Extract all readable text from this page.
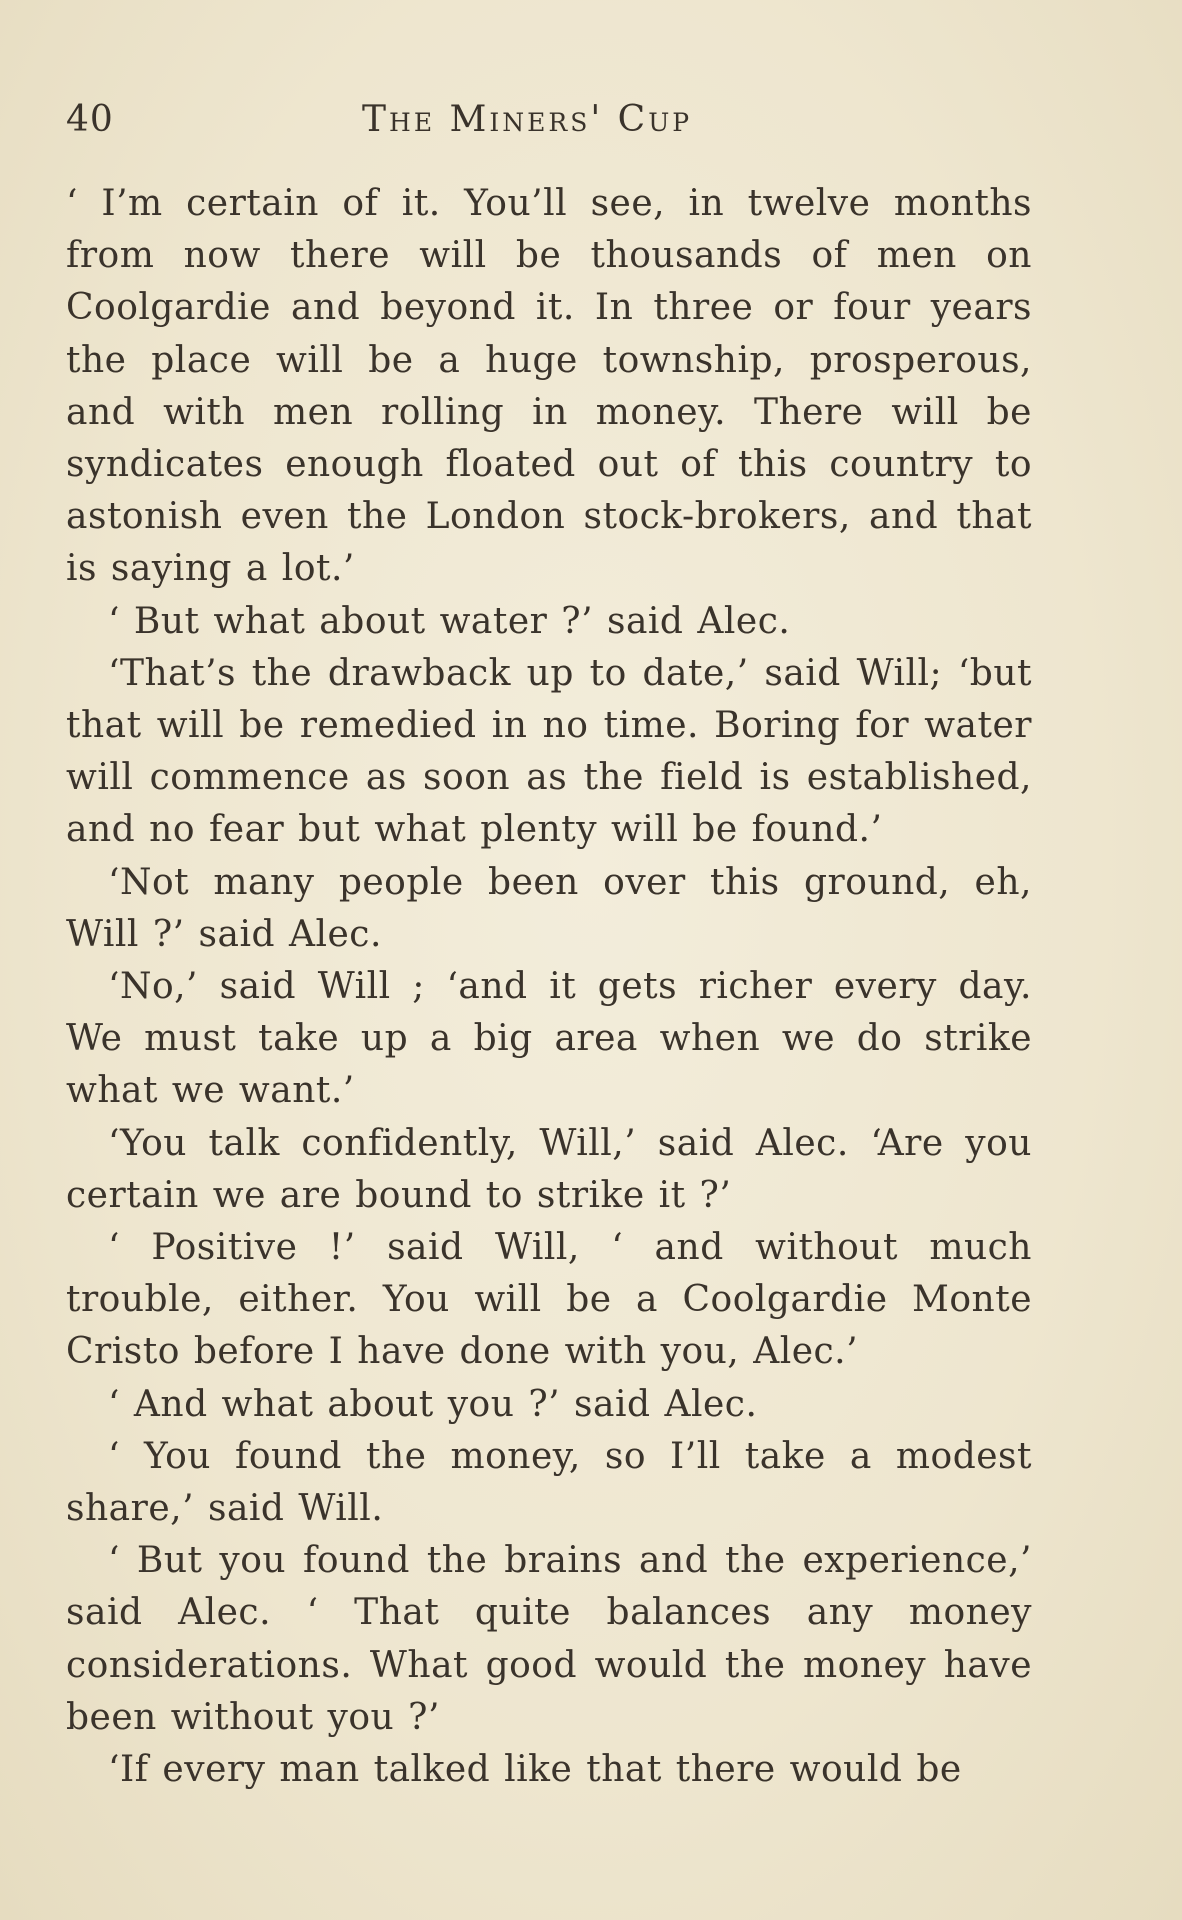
40	The Miners' Cup

‘ I’m certain of it. You’ll see, in twelve months from now there will be thousands of men on Coolgardie and beyond it. In three or four years the place will be a huge township, prosperous, and with men rolling in money. There will be syndicates enough floated out of this country to astonish even the London stock-brokers, and that is saying a lot.’

‘ But what about water ?’ said Alec.

‘That’s the drawback up to date,’ said Will; ‘but that will be remedied in no time. Boring for water will commence as soon as the field is established, and no fear but what plenty will be found.’

‘Not many people been over this ground, eh, Will ?’ said Alec.

‘No,’ said Will ; ‘and it gets richer every day. We must take up a big area when we do strike what we want.’

‘You talk confidently, Will,’ said Alec. ‘Are you certain we are bound to strike it ?’

‘ Positive !’ said Will, ‘ and without much trouble, either. You will be a Coolgardie Monte Cristo before I have done with you, Alec.’

‘ And what about you ?’ said Alec.

‘ You found the money, so I’ll take a modest share,’ said Will.

‘ But you found the brains and the experience,’ said Alec. ‘ That quite balances any money considerations. What good would the money have been without you ?’

‘If every man talked like that there would be
